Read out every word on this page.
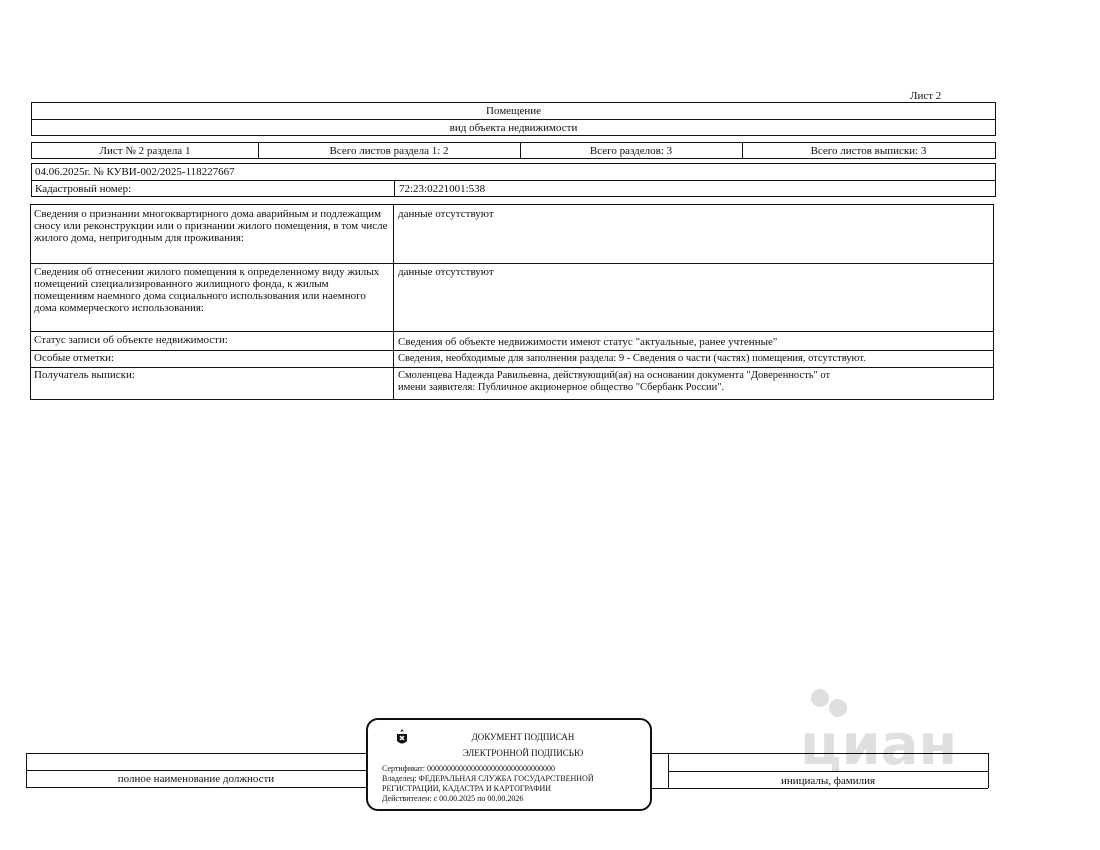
Лист 2
Помещение
вид объекта недвижимости
Лист № 2 раздела 1	Всего листов раздела 1: 2	Всего разделов: 3	Всего листов выписки: 3
04.06.2025г. № КУВИ-002/2025-118227667
Кадастровый номер:	72:23:0221001:538
Сведения о признании многоквартирного дома аварийным и подлежащим сносу или реконструкции или о признании жилого помещения, в том числе жилого дома, непригодным для проживания:
данные отсутствуют
Сведения об отнесении жилого помещения к определенному виду жилых помещений специализированного жилищного фонда, к жилым помещениям наемного дома социального использования или наемного дома коммерческого использования:
данные отсутствуют
Статус записи об объекте недвижимости:	Сведения об объекте недвижимости имеют статус "актуальные, ранее учтенные"
Особые отметки:	Сведения, необходимые для заполнения раздела: 9 - Сведения о части (частях) помещения, отсутствуют.
Получатель выписки:	Смоленцева Надежда Равильевна, действующий(ая) на основании документа "Доверенность" от имени заявителя: Публичное акционерное общество "Сбербанк России".
полное наименование должности	инициалы, фамилия
ДОКУМЕНТ ПОДПИСАН
ЭЛЕКТРОННОЙ ПОДПИСЬЮ
Сертификат: 00000000000000000000000000000000
Владелец: ФЕДЕРАЛЬНАЯ СЛУЖБА ГОСУДАРСТВЕННОЙ
РЕГИСТРАЦИИ, КАДАСТРА И КАРТОГРАФИИ
Действителен: с 00.00.2025 по 00.00.2026
циан
